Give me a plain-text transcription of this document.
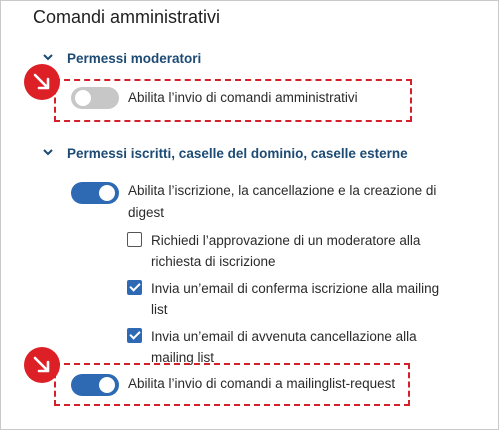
Comandi amministrativi
Permessi moderatori
Abilita l’invio di comandi amministrativi
Permessi iscritti, caselle del dominio, caselle esterne
Abilita l’iscrizione, la cancellazione e la creazione di
digest
Richiedi l’approvazione di un moderatore alla
richiesta di iscrizione
Invia un’email di conferma iscrizione alla mailing
list
Invia un’email di avvenuta cancellazione alla
mailing list
Abilita l’invio di comandi a mailinglist-request
